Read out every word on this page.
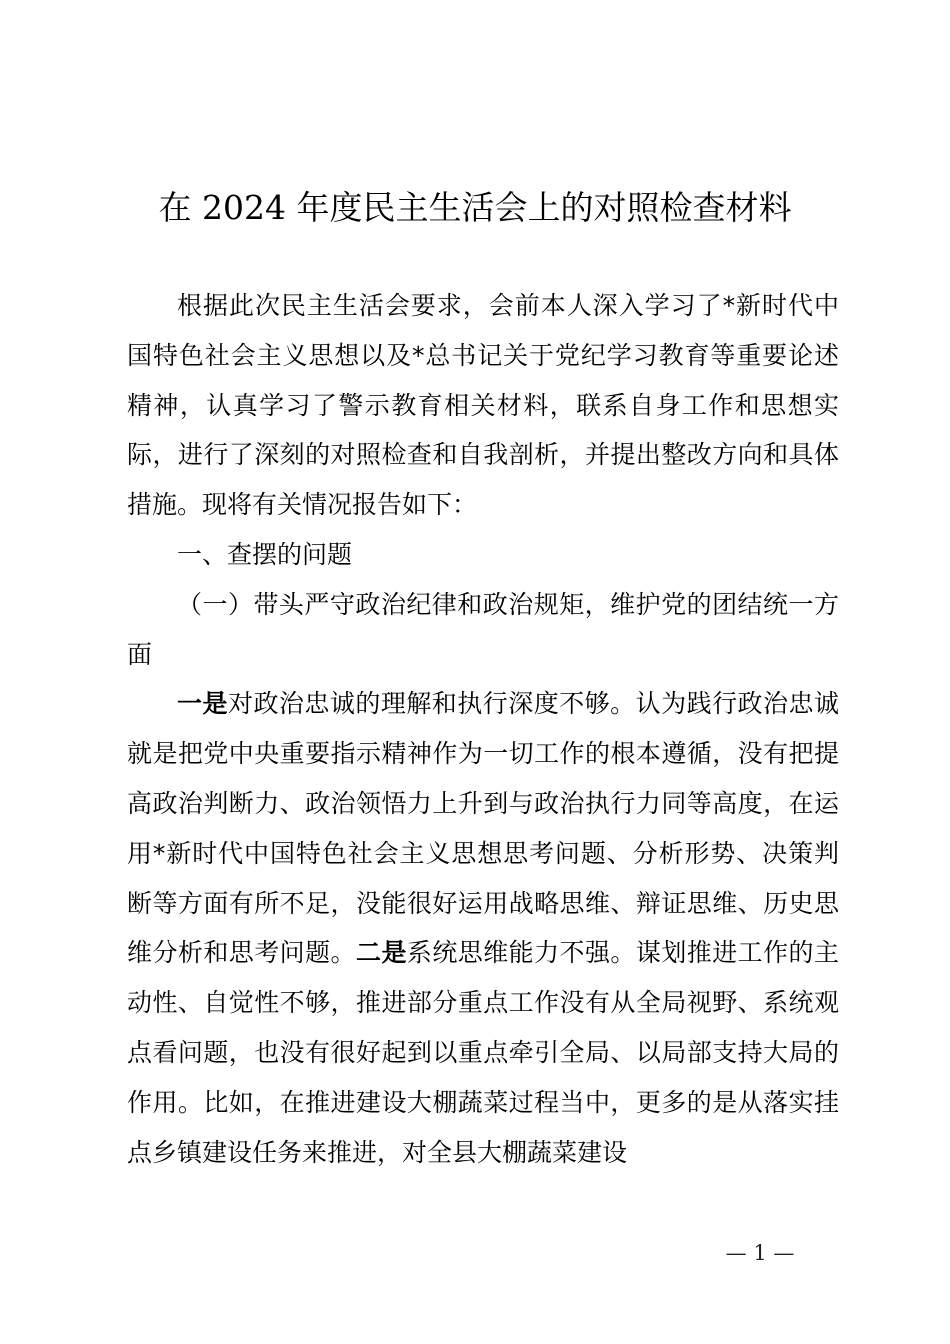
在 2024 年度民主生活会上的对照检查材料

根据此次民主生活会要求，会前本人深入学习了*新时代中国特色社会主义思想以及*总书记关于党纪学习教育等重要论述精神，认真学习了警示教育相关材料，联系自身工作和思想实际，进行了深刻的对照检查和自我剖析，并提出整改方向和具体措施。现将有关情况报告如下：

一、查摆的问题

（一）带头严守政治纪律和政治规矩，维护党的团结统一方面

一是对政治忠诚的理解和执行深度不够。认为践行政治忠诚就是把党中央重要指示精神作为一切工作的根本遵循，没有把提高政治判断力、政治领悟力上升到与政治执行力同等高度，在运用*新时代中国特色社会主义思想思考问题、分析形势、决策判断等方面有所不足，没能很好运用战略思维、辩证思维、历史思维分析和思考问题。二是系统思维能力不强。谋划推进工作的主动性、自觉性不够，推进部分重点工作没有从全局视野、系统观点看问题，也没有很好起到以重点牵引全局、以局部支持大局的作用。比如，在推进建设大棚蔬菜过程当中，更多的是从落实挂点乡镇建设任务来推进，对全县大棚蔬菜建设

— 1 —
